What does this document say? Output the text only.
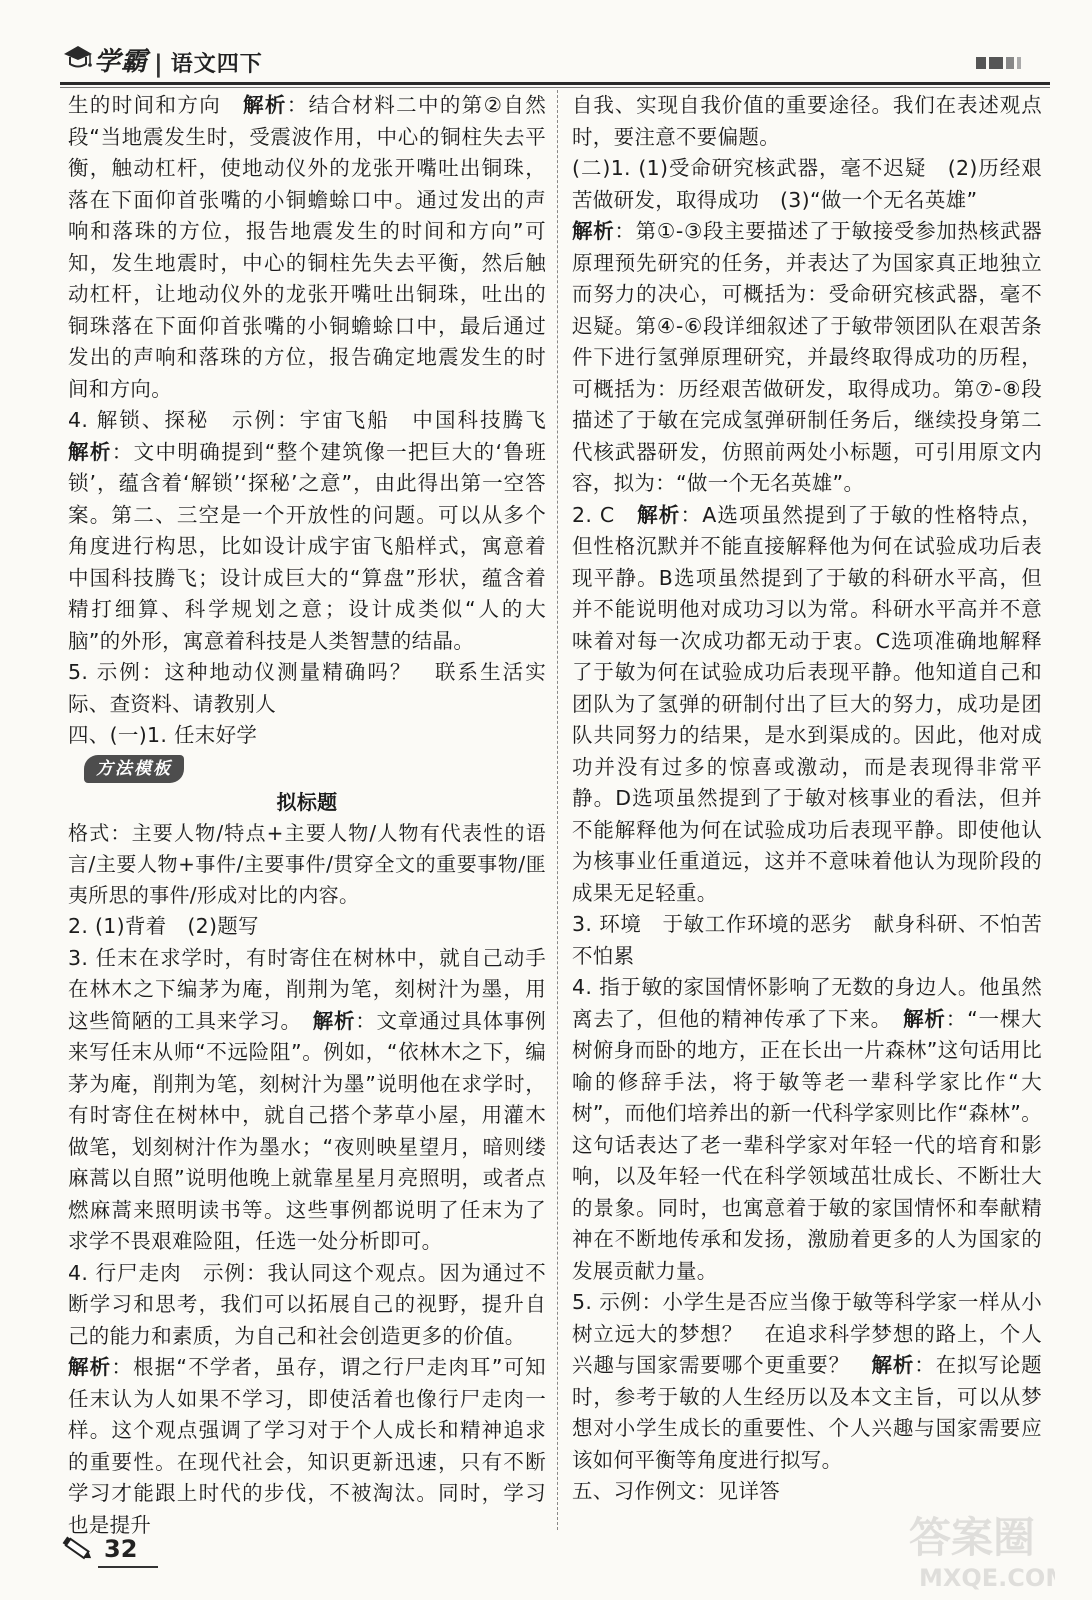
学霸 | 语文四下

生的时间和方向　解析：结合材料二中的第②自然段“当地震发生时，受震波作用，中心的铜柱失去平衡，触动杠杆，使地动仪外的龙张开嘴吐出铜珠，落在下面仰首张嘴的小铜蟾蜍口中。通过发出的声响和落珠的方位，报告地震发生的时间和方向”可知，发生地震时，中心的铜柱先失去平衡，然后触动杠杆，让地动仪外的龙张开嘴吐出铜珠，吐出的铜珠落在下面仰首张嘴的小铜蟾蜍口中，最后通过发出的声响和落珠的方位，报告确定地震发生的时间和方向。

4. 解锁、探秘　示例：宇宙飞船　中国科技腾飞　解析：文中明确提到“整个建筑像一把巨大的‘鲁班锁’，蕴含着‘解锁’‘探秘’之意”，由此得出第一空答案。第二、三空是一个开放性的问题。可以从多个角度进行构思，比如设计成宇宙飞船样式，寓意着中国科技腾飞；设计成巨大的“算盘”形状，蕴含着精打细算、科学规划之意；设计成类似“人的大脑”的外形，寓意着科技是人类智慧的结晶。

5. 示例：这种地动仪测量精确吗？　联系生活实际、查资料、请教别人

四、(一)1. 任末好学

方法模板

拟标题

格式：主要人物/特点+主要人物/人物有代表性的语言/主要人物+事件/主要事件/贯穿全文的重要事物/匪夷所思的事件/形成对比的内容。

2. (1)背着　(2)题写

3. 任末在求学时，有时寄住在树林中，就自己动手在林木之下编茅为庵，削荆为笔，刻树汁为墨，用这些简陋的工具来学习。　解析：文章通过具体事例来写任末从师“不远险阻”。例如，“依林木之下，编茅为庵，削荆为笔，刻树汁为墨”说明他在求学时，有时寄住在树林中，就自己搭个茅草小屋，用灌木做笔，划刻树汁作为墨水；“夜则映星望月，暗则缕麻蒿以自照”说明他晚上就靠星星月亮照明，或者点燃麻蒿来照明读书等。这些事例都说明了任末为了求学不畏艰难险阻，任选一处分析即可。

4. 行尸走肉　示例：我认同这个观点。因为通过不断学习和思考，我们可以拓展自己的视野，提升自己的能力和素质，为自己和社会创造更多的价值。

解析：根据“不学者，虽存，谓之行尸走肉耳”可知任末认为人如果不学习，即使活着也像行尸走肉一样。这个观点强调了学习对于个人成长和精神追求的重要性。在现代社会，知识更新迅速，只有不断学习才能跟上时代的步伐，不被淘汰。同时，学习也是提升

自我、实现自我价值的重要途径。我们在表述观点时，要注意不要偏题。

(二)1. (1)受命研究核武器，毫不迟疑　(2)历经艰苦做研发，取得成功　(3)“做一个无名英雄”

解析：第①-③段主要描述了于敏接受参加热核武器原理预先研究的任务，并表达了为国家真正地独立而努力的决心，可概括为：受命研究核武器，毫不迟疑。第④-⑥段详细叙述了于敏带领团队在艰苦条件下进行氢弹原理研究，并最终取得成功的历程，可概括为：历经艰苦做研发，取得成功。第⑦-⑧段描述了于敏在完成氢弹研制任务后，继续投身第二代核武器研发，仿照前两处小标题，可引用原文内容，拟为：“做一个无名英雄”。

2. C　解析：A选项虽然提到了于敏的性格特点，但性格沉默并不能直接解释他为何在试验成功后表现平静。B选项虽然提到了于敏的科研水平高，但并不能说明他对成功习以为常。科研水平高并不意味着对每一次成功都无动于衷。C选项准确地解释了于敏为何在试验成功后表现平静。他知道自己和团队为了氢弹的研制付出了巨大的努力，成功是团队共同努力的结果，是水到渠成的。因此，他对成功并没有过多的惊喜或激动，而是表现得非常平静。D选项虽然提到了于敏对核事业的看法，但并不能解释他为何在试验成功后表现平静。即使他认为核事业任重道远，这并不意味着他认为现阶段的成果无足轻重。

3. 环境　于敏工作环境的恶劣　献身科研、不怕苦不怕累

4. 指于敏的家国情怀影响了无数的身边人。他虽然离去了，但他的精神传承了下来。　解析：“一棵大树俯身而卧的地方，正在长出一片森林”这句话用比喻的修辞手法，将于敏等老一辈科学家比作“大树”，而他们培养出的新一代科学家则比作“森林”。这句话表达了老一辈科学家对年轻一代的培育和影响，以及年轻一代在科学领域茁壮成长、不断壮大的景象。同时，也寓意着于敏的家国情怀和奉献精神在不断地传承和发扬，激励着更多的人为国家的发展贡献力量。

5. 示例：小学生是否应当像于敏等科学家一样从小树立远大的梦想？　在追求科学梦想的路上，个人兴趣与国家需要哪个更重要？　解析：在拟写论题时，参考于敏的人生经历以及本文主旨，可以从梦想对小学生成长的重要性、个人兴趣与国家需要应该如何平衡等角度进行拟写。

五、习作例文：见详答

32	答案圈
MXQE.COM
